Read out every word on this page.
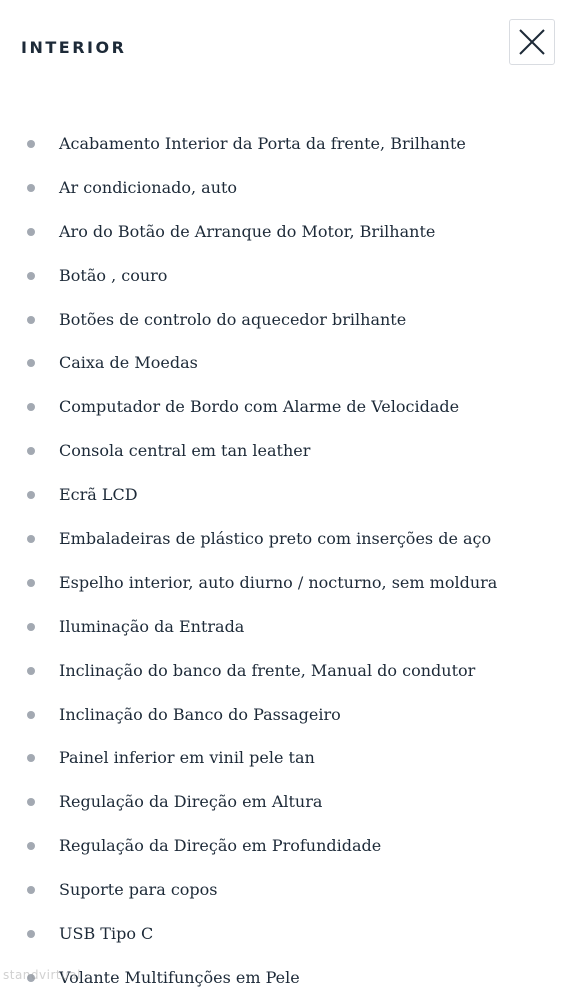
INTERIOR
Acabamento Interior da Porta da frente, Brilhante
Ar condicionado, auto
Aro do Botão de Arranque do Motor, Brilhante
Botão , couro
Botões de controlo do aquecedor brilhante
Caixa de Moedas
Computador de Bordo com Alarme de Velocidade
Consola central em tan leather
Ecrã LCD
Embaladeiras de plástico preto com inserções de aço
Espelho interior, auto diurno / nocturno, sem moldura
Iluminação da Entrada
Inclinação do banco da frente, Manual do condutor
Inclinação do Banco do Passageiro
Painel inferior em vinil pele tan
Regulação da Direção em Altura
Regulação da Direção em Profundidade
Suporte para copos
USB Tipo C
Volante Multifunções em Pele
standvirtual
